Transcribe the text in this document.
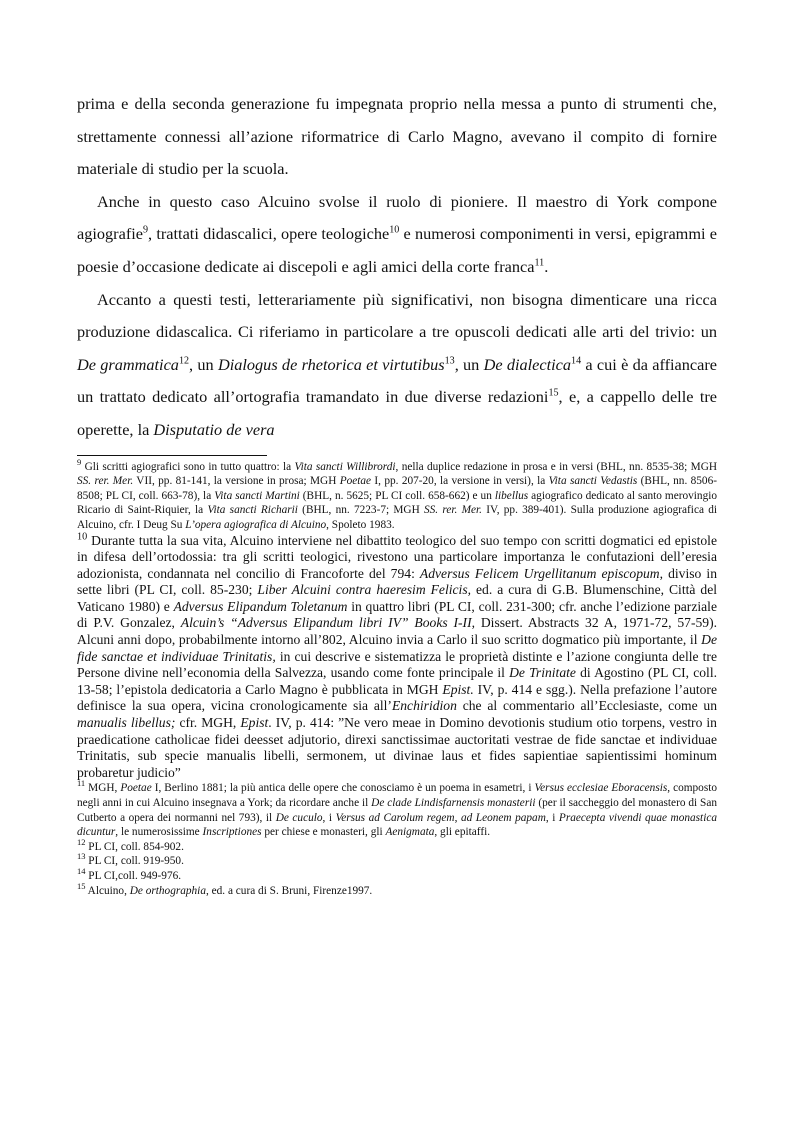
prima e della seconda generazione fu impegnata proprio nella messa a punto di strumenti che, strettamente connessi all’azione riformatrice di Carlo Magno, avevano il compito di fornire materiale di studio per la scuola.

Anche in questo caso Alcuino svolse il ruolo di pioniere. Il maestro di York compone agiografie$^9$, trattati didascalici, opere teologiche$^{10}$ e numerosi componimenti in versi, epigrammi e poesie d’occasione dedicate ai discepoli e agli amici della corte franca$^{11}$.

Accanto a questi testi, letterariamente più significativi, non bisogna dimenticare una ricca produzione didascalica. Ci riferiamo in particolare a tre opuscoli dedicati alle arti del trivio: un De grammatica$^{12}$, un Dialogus de rhetorica et virtutibus$^{13}$, un De dialectica$^{14}$ a cui è da affiancare un trattato dedicato all’ortografia tramandato in due diverse redazioni$^{15}$, e, a cappello delle tre operette, la Disputatio de vera

$^9$ Gli scritti agiografici sono in tutto quattro: la Vita sancti Willibrordi, nella duplice redazione in prosa e in versi (BHL, nn. 8535-38; MGH SS. rer. Mer. VII, pp. 81-141, la versione in prosa; MGH Poetae I, pp. 207-20, la versione in versi), la Vita sancti Vedastis (BHL, nn. 8506-8508; PL CI, coll. 663-78), la Vita sancti Martini (BHL, n. 5625; PL CI coll. 658-662) e un libellus agiografico dedicato al santo merovingio Ricario di Saint-Riquier, la Vita sancti Richarii (BHL, nn. 7223-7; MGH SS. rer. Mer. IV, pp. 389-401). Sulla produzione agiografica di Alcuino, cfr. I Deug Su L’opera agiografica di Alcuino, Spoleto 1983.

$^{10}$ Durante tutta la sua vita, Alcuino interviene nel dibattito teologico del suo tempo con scritti dogmatici ed epistole in difesa dell’ortodossia: tra gli scritti teologici, rivestono una particolare importanza le confutazioni dell’eresia adozionista, condannata nel concilio di Francoforte del 794: Adversus Felicem Urgellitanum episcopum, diviso in sette libri (PL CI, coll. 85-230; Liber Alcuini contra haeresim Felicis, ed. a cura di G.B. Blumenschine, Città del Vaticano 1980) e Adversus Elipandum Toletanum in quattro libri (PL CI, coll. 231-300; cfr. anche l’edizione parziale di P.V. Gonzalez, Alcuin’s “Adversus Elipandum libri IV” Books I-II, Dissert. Abstracts 32 A, 1971-72, 57-59). Alcuni anni dopo, probabilmente intorno all’802, Alcuino invia a Carlo il suo scritto dogmatico più importante, il De fide sanctae et individuae Trinitatis, in cui descrive e sistematizza le proprietà distinte e l’azione congiunta delle tre Persone divine nell’economia della Salvezza, usando come fonte principale il De Trinitate di Agostino (PL CI, coll. 13-58; l’epistola dedicatoria a Carlo Magno è pubblicata in MGH Epist. IV, p. 414 e sgg.). Nella prefazione l’autore definisce la sua opera, vicina cronologicamente sia all’Enchiridion che al commentario all’Ecclesiaste, come un manualis libellus; cfr. MGH, Epist. IV, p. 414: ”Ne vero meae in Domino devotionis studium otio torpens, vestro in praedicatione catholicae fidei deesset adjutorio, direxi sanctissimae auctoritati vestrae de fide sanctae et individuae Trinitatis, sub specie manualis libelli, sermonem, ut divinae laus et fides sapientiae sapientissimi hominum probaretur judicio”

$^{11}$ MGH, Poetae I, Berlino 1881; la più antica delle opere che conosciamo è un poema in esametri, i Versus ecclesiae Eboracensis, composto negli anni in cui Alcuino insegnava a York; da ricordare anche il De clade Lindisfarnensis monasterii (per il saccheggio del monastero di San Cutberto a opera dei normanni nel 793), il De cuculo, i Versus ad Carolum regem, ad Leonem papam, i Praecepta vivendi quae monastica dicuntur, le numerosissime Inscriptiones per chiese e monasteri, gli Aenigmata, gli epitaffi.

$^{12}$ PL CI, coll. 854-902.

$^{13}$ PL CI, coll. 919-950.

$^{14}$ PL CI,coll. 949-976.

$^{15}$ Alcuino, De orthographia, ed. a cura di S. Bruni, Firenze1997.
